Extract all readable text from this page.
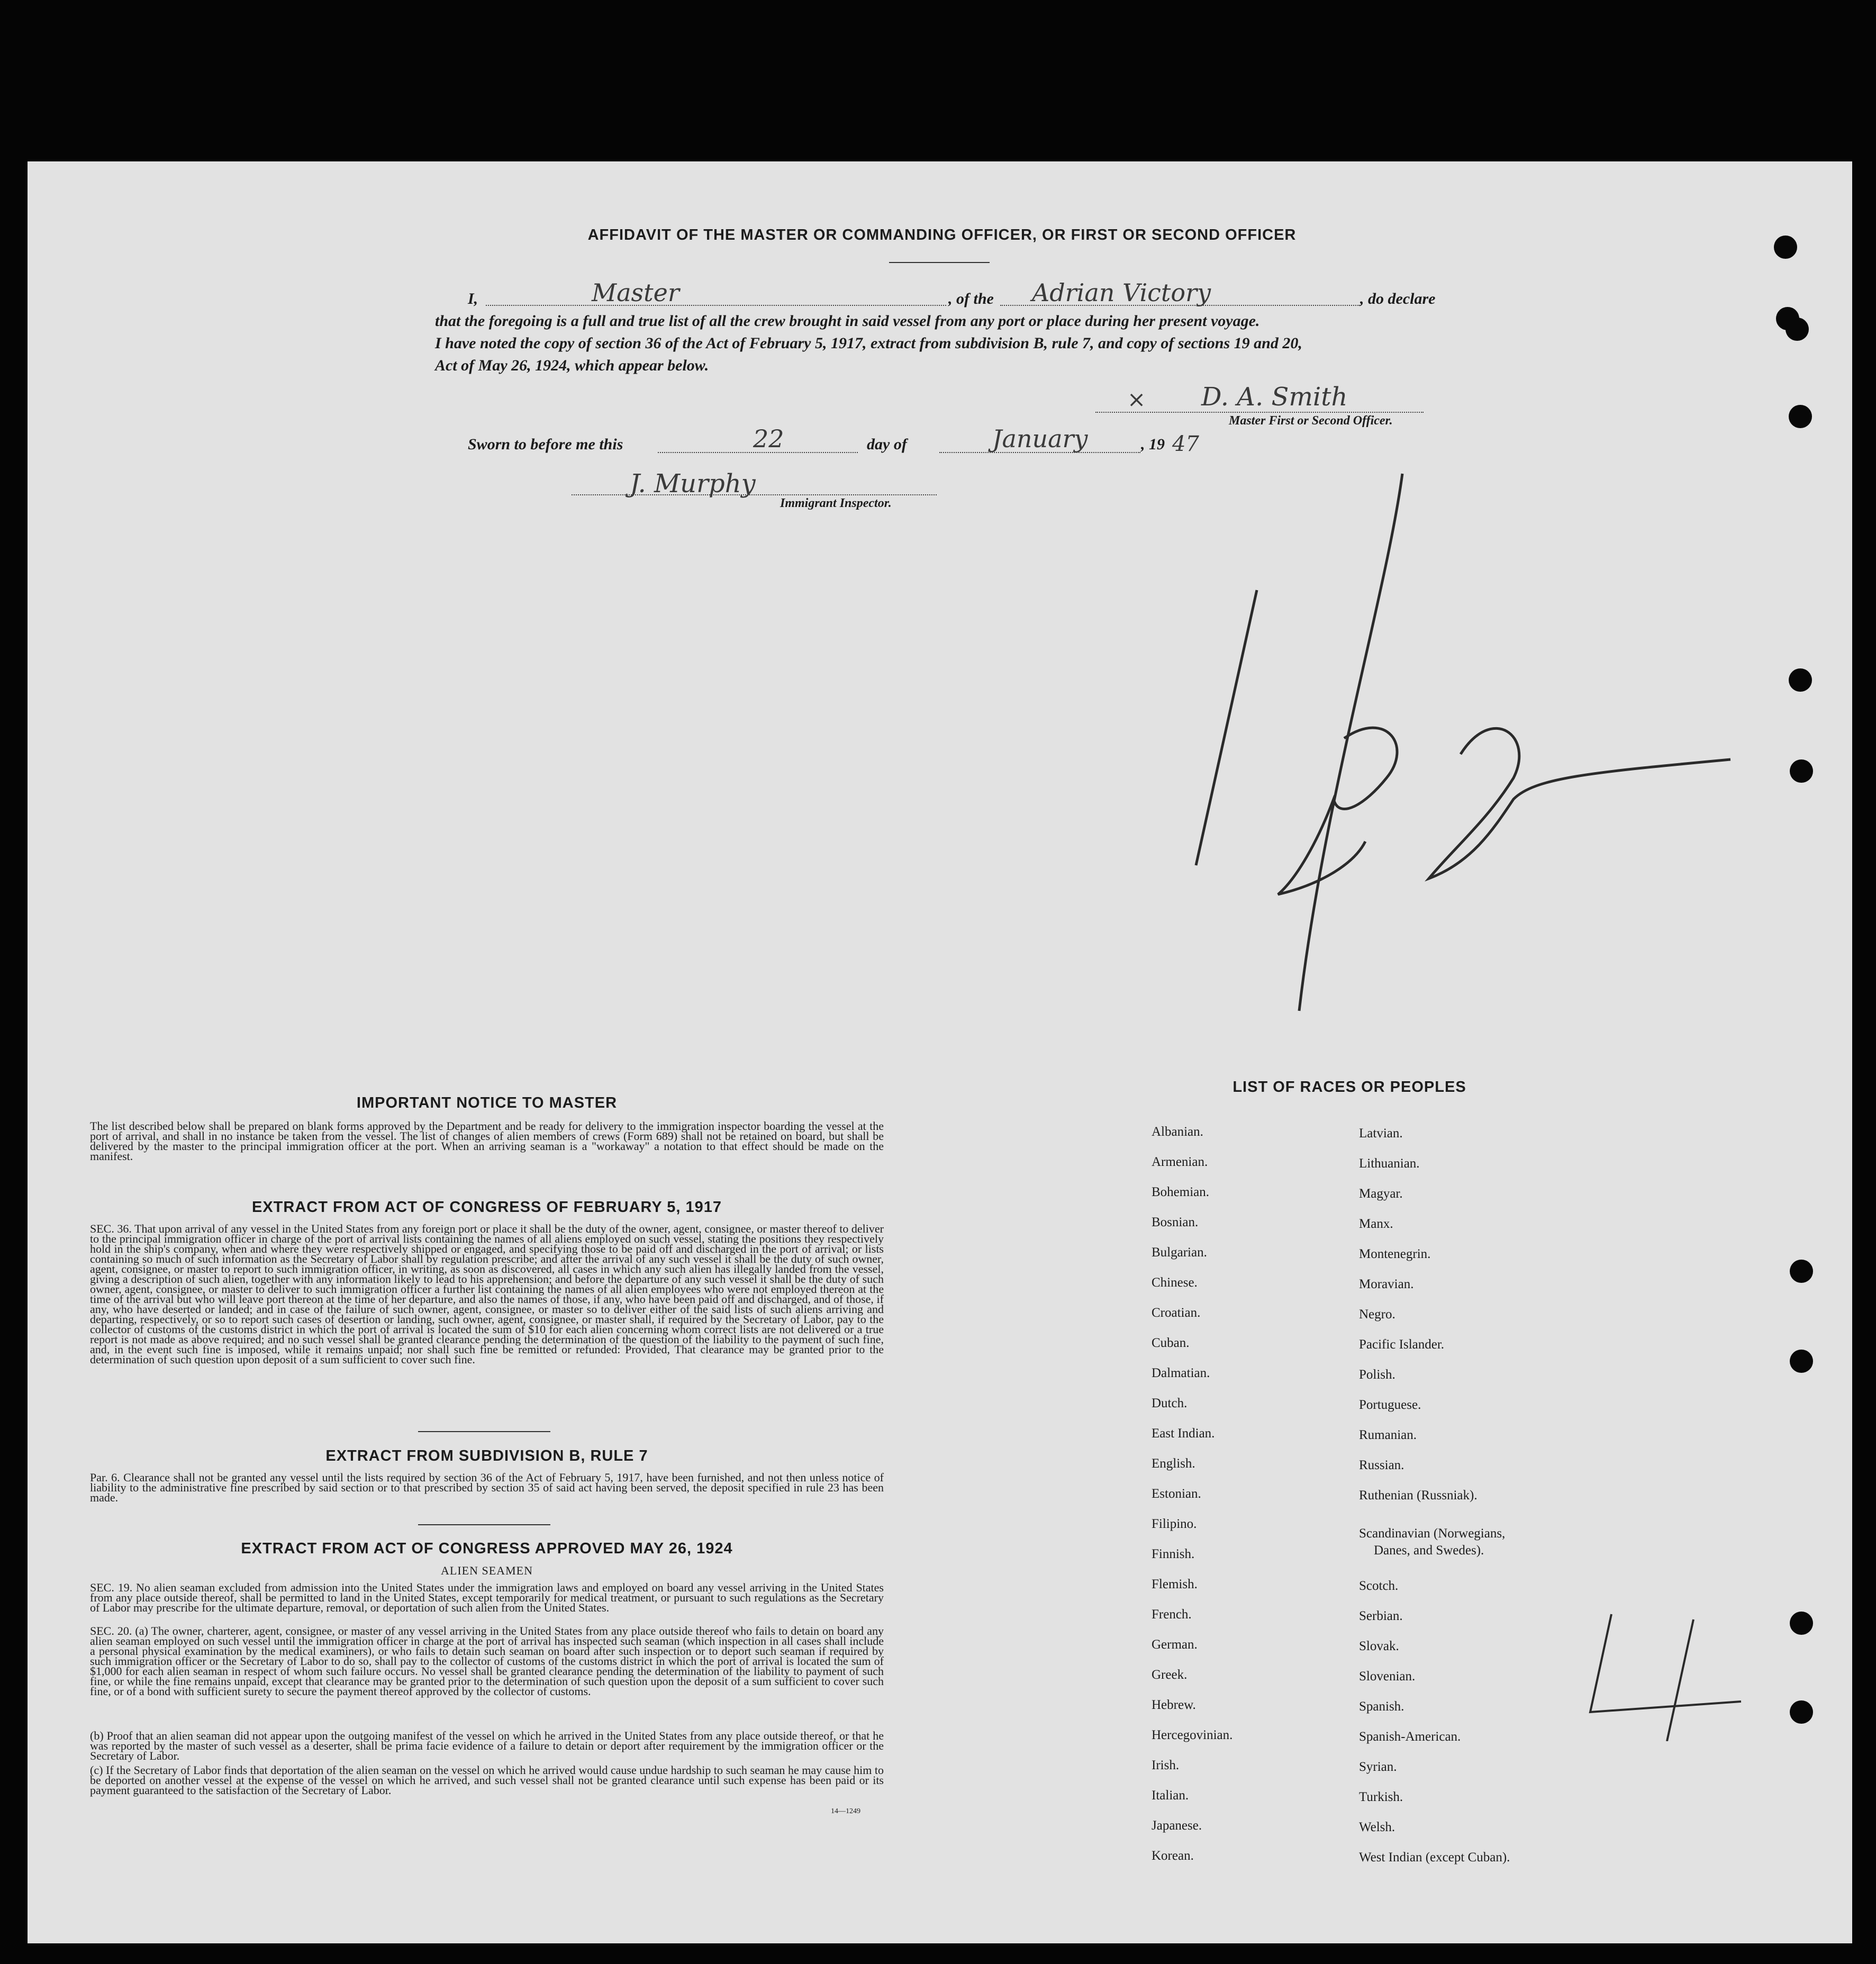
AFFIDAVIT OF THE MASTER OR COMMANDING OFFICER, OR FIRST OR SECOND OFFICER
I,	Master	, of the Adrian Victory	, do declare
that the foregoing is a full and true list of all the crew brought in said vessel from any port or place during her present voyage.
I have noted the copy of section 36 of the Act of February 5, 1917, extract from subdivision B, rule 7, and copy of sections 19 and 20,
Act of May 26, 1924, which appear below.
× D. A. Smith
Master First or Second Officer.
Sworn to before me this	22	day of	January	, 19 47
J. Murphy
Immigrant Inspector.
IMPORTANT NOTICE TO MASTER
The list described below shall be prepared on blank forms approved by the Department and be ready for delivery to the immigration inspector boarding the vessel at the port of arrival, and shall in no instance be taken from the vessel. The list of changes of alien members of crews (Form 689) shall not be retained on board, but shall be delivered by the master to the principal immigration officer at the port. When an arriving seaman is a "workaway" a notation to that effect should be made on the manifest.
EXTRACT FROM ACT OF CONGRESS OF FEBRUARY 5, 1917
SEC. 36. That upon arrival of any vessel in the United States from any foreign port or place it shall be the duty of the owner, agent, consignee, or master thereof to deliver to the principal immigration officer in charge of the port of arrival lists containing the names of all aliens employed on such vessel, stating the positions they respectively hold in the ship's company, when and where they were respectively shipped or engaged, and specifying those to be paid off and discharged in the port of arrival; or lists containing so much of such information as the Secretary of Labor shall by regulation prescribe; and after the arrival of any such vessel it shall be the duty of such owner, agent, consignee, or master to report to such immigration officer, in writing, as soon as discovered, all cases in which any such alien has illegally landed from the vessel, giving a description of such alien, together with any information likely to lead to his apprehension; and before the departure of any such vessel it shall be the duty of such owner, agent, consignee, or master to deliver to such immigration officer a further list containing the names of all alien employees who were not employed thereon at the time of the arrival but who will leave port thereon at the time of her departure, and also the names of those, if any, who have been paid off and discharged, and of those, if any, who have deserted or landed; and in case of the failure of such owner, agent, consignee, or master so to deliver either of the said lists of such aliens arriving and departing, respectively, or so to report such cases of desertion or landing, such owner, agent, consignee, or master shall, if required by the Secretary of Labor, pay to the collector of customs of the customs district in which the port of arrival is located the sum of $10 for each alien concerning whom correct lists are not delivered or a true report is not made as above required; and no such vessel shall be granted clearance pending the determination of the question of the liability to the payment of such fine, and, in the event such fine is imposed, while it remains unpaid; nor shall such fine be remitted or refunded: Provided, That clearance may be granted prior to the determination of such question upon deposit of a sum sufficient to cover such fine.
EXTRACT FROM SUBDIVISION B, RULE 7
Par. 6. Clearance shall not be granted any vessel until the lists required by section 36 of the Act of February 5, 1917, have been furnished, and not then unless notice of liability to the administrative fine prescribed by said section or to that prescribed by section 35 of said act having been served, the deposit specified in rule 23 has been made.
EXTRACT FROM ACT OF CONGRESS APPROVED MAY 26, 1924
ALIEN SEAMEN
SEC. 19. No alien seaman excluded from admission into the United States under the immigration laws and employed on board any vessel arriving in the United States from any place outside thereof, shall be permitted to land in the United States, except temporarily for medical treatment, or pursuant to such regulations as the Secretary of Labor may prescribe for the ultimate departure, removal, or deportation of such alien from the United States.
SEC. 20. (a) The owner, charterer, agent, consignee, or master of any vessel arriving in the United States from any place outside thereof who fails to detain on board any alien seaman employed on such vessel until the immigration officer in charge at the port of arrival has inspected such seaman (which inspection in all cases shall include a personal physical examination by the medical examiners), or who fails to detain such seaman on board after such inspection or to deport such seaman if required by such immigration officer or the Secretary of Labor to do so, shall pay to the collector of customs of the customs district in which the port of arrival is located the sum of $1,000 for each alien seaman in respect of whom such failure occurs. No vessel shall be granted clearance pending the determination of the liability to payment of such fine, or while the fine remains unpaid, except that clearance may be granted prior to the determination of such question upon the deposit of a sum sufficient to cover such fine, or of a bond with sufficient surety to secure the payment thereof approved by the collector of customs.
(b) Proof that an alien seaman did not appear upon the outgoing manifest of the vessel on which he arrived in the United States from any place outside thereof, or that he was reported by the master of such vessel as a deserter, shall be prima facie evidence of a failure to detain or deport after requirement by the immigration officer or the Secretary of Labor.
(c) If the Secretary of Labor finds that deportation of the alien seaman on the vessel on which he arrived would cause undue hardship to such seaman he may cause him to be deported on another vessel at the expense of the vessel on which he arrived, and such vessel shall not be granted clearance until such expense has been paid or its payment guaranteed to the satisfaction of the Secretary of Labor.
14—1249
LIST OF RACES OR PEOPLES
Albanian.
Armenian.
Bohemian.
Bosnian.
Bulgarian.
Chinese.
Croatian.
Cuban.
Dalmatian.
Dutch.
East Indian.
English.
Estonian.
Filipino.
Finnish.
Flemish.
French.
German.
Greek.
Hebrew.
Hercegovinian.
Irish.
Italian.
Japanese.
Korean.
Latvian.
Lithuanian.
Magyar.
Manx.
Montenegrin.
Moravian.
Negro.
Pacific Islander.
Polish.
Portuguese.
Rumanian.
Russian.
Ruthenian (Russniak).
Scandinavian (Norwegians,
Danes, and Swedes).
Scotch.
Serbian.
Slovak.
Slovenian.
Spanish.
Spanish-American.
Syrian.
Turkish.
Welsh.
West Indian (except Cuban).
